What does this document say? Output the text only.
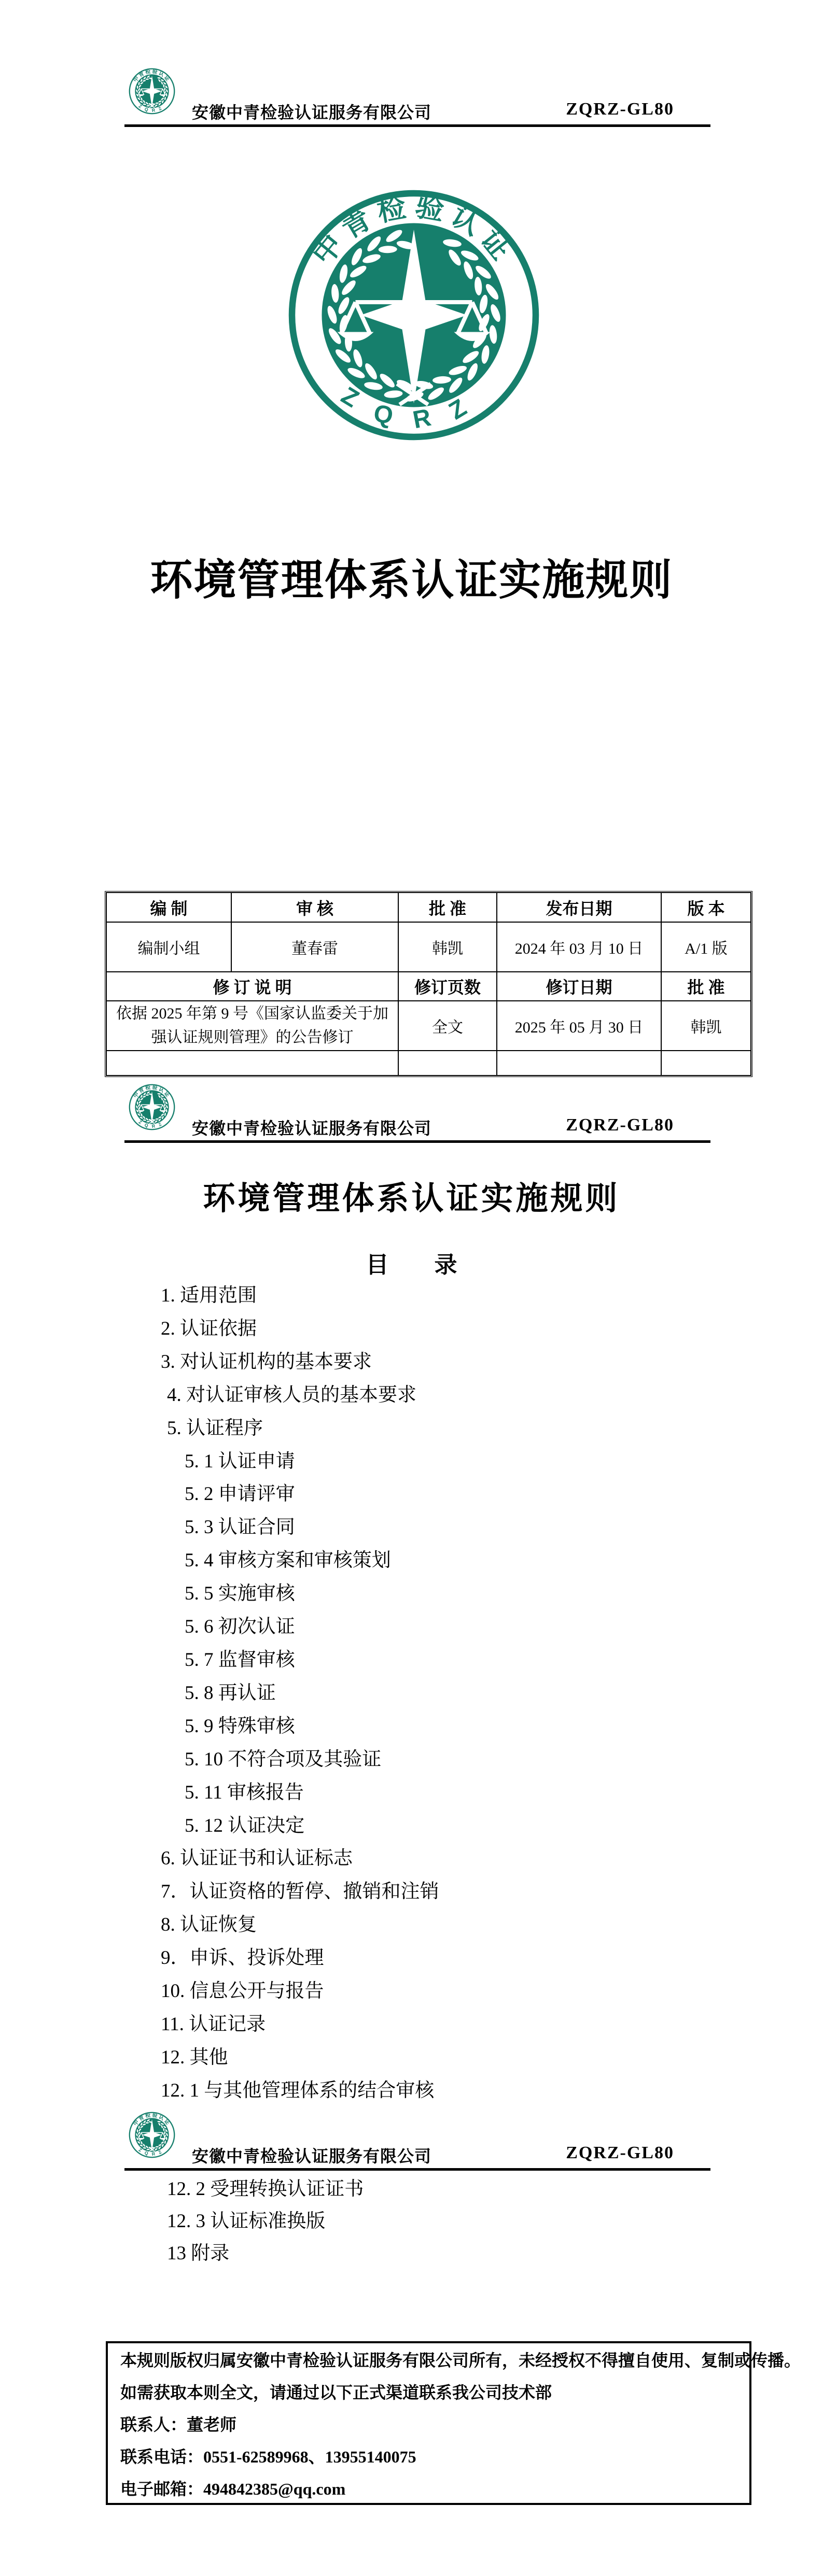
安徽中青检验认证服务有限公司	ZQRZ-GL80
环境管理体系认证实施规则
编 制	审 核	批 准	发布日期	版 本
编制小组	董春雷	韩凯	2024 年 03 月 10 日	A/1 版
修 订 说 明		修订页数	修订日期	批 准
依据 2025 年第 9 号《国家认监委关于加强认证规则管理》的公告修订		全文	2025 年 05 月 30 日	韩凯

安徽中青检验认证服务有限公司	ZQRZ-GL80
环境管理体系认证实施规则
目　　录
1. 适用范围
2. 认证依据
3. 对认证机构的基本要求
4. 对认证审核人员的基本要求
5. 认证程序
5. 1 认证申请
5. 2 申请评审
5. 3 认证合同
5. 4 审核方案和审核策划
5. 5 实施审核
5. 6 初次认证
5. 7 监督审核
5. 8 再认证
5. 9 特殊审核
5. 10 不符合项及其验证
5. 11 审核报告
5. 12 认证决定
6. 认证证书和认证标志
7．认证资格的暂停、撤销和注销
8. 认证恢复
9．申诉、投诉处理
10. 信息公开与报告
11. 认证记录
12. 其他
12. 1 与其他管理体系的结合审核
安徽中青检验认证服务有限公司	ZQRZ-GL80
12. 2 受理转换认证证书
12. 3 认证标准换版
13 附录
本规则版权归属安徽中青检验认证服务有限公司所有，未经授权不得擅自使用、复制或传播。
如需获取本则全文，请通过以下正式渠道联系我公司技术部
联系人：董老师
联系电话：0551-62589968、13955140075
电子邮箱：494842385@qq.com
